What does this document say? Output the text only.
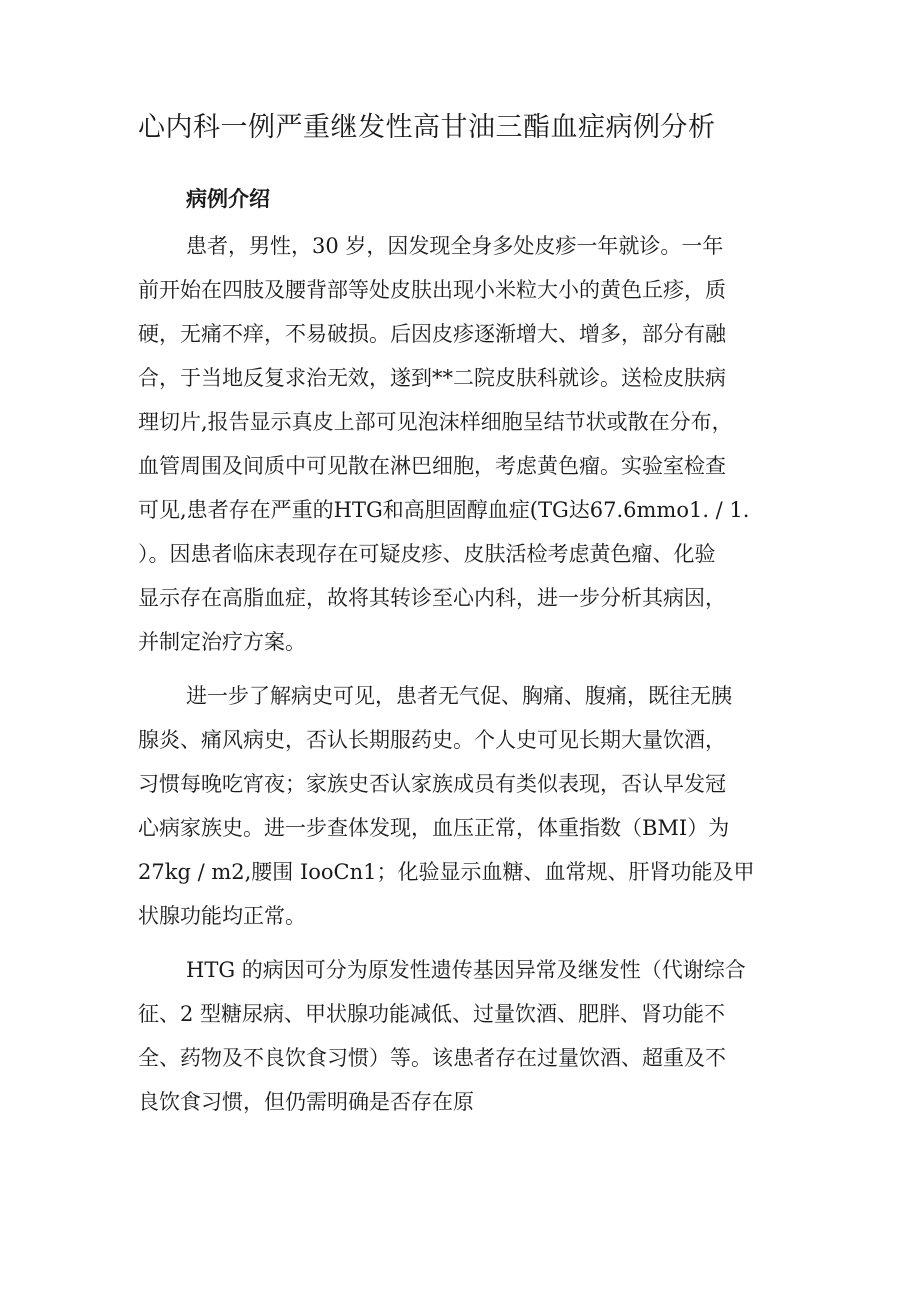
心内科一例严重继发性高甘油三酯血症病例分析
病例介绍
患者，男性，30 岁，因发现全身多处皮疹一年就诊。一年
前开始在四肢及腰背部等处皮肤出现小米粒大小的黄色丘疹，质
硬，无痛不痒，不易破损。后因皮疹逐渐增大、增多，部分有融
合，于当地反复求治无效，遂到**二院皮肤科就诊。送检皮肤病
理切片,报告显示真皮上部可见泡沫样细胞呈结节状或散在分布，
血管周围及间质中可见散在淋巴细胞，考虑黄色瘤。实验室检查
可见,患者存在严重的HTG和高胆固醇血症(TG达67.6mmo1. / 1.
）。因患者临床表现存在可疑皮疹、皮肤活检考虑黄色瘤、化验
显示存在高脂血症，故将其转诊至心内科，进一步分析其病因，
并制定治疗方案。
进一步了解病史可见，患者无气促、胸痛、腹痛，既往无胰
腺炎、痛风病史，否认长期服药史。个人史可见长期大量饮酒，
习惯每晚吃宵夜；家族史否认家族成员有类似表现，否认早发冠
心病家族史。进一步查体发现，血压正常，体重指数（BMI）为
27kg / m2,腰围 IooCn1；化验显示血糖、血常规、肝肾功能及甲
状腺功能均正常。
HTG 的病因可分为原发性遗传基因异常及继发性（代谢综合
征、2 型糖尿病、甲状腺功能减低、过量饮酒、肥胖、肾功能不
全、药物及不良饮食习惯）等。该患者存在过量饮酒、超重及不
良饮食习惯，但仍需明确是否存在原
